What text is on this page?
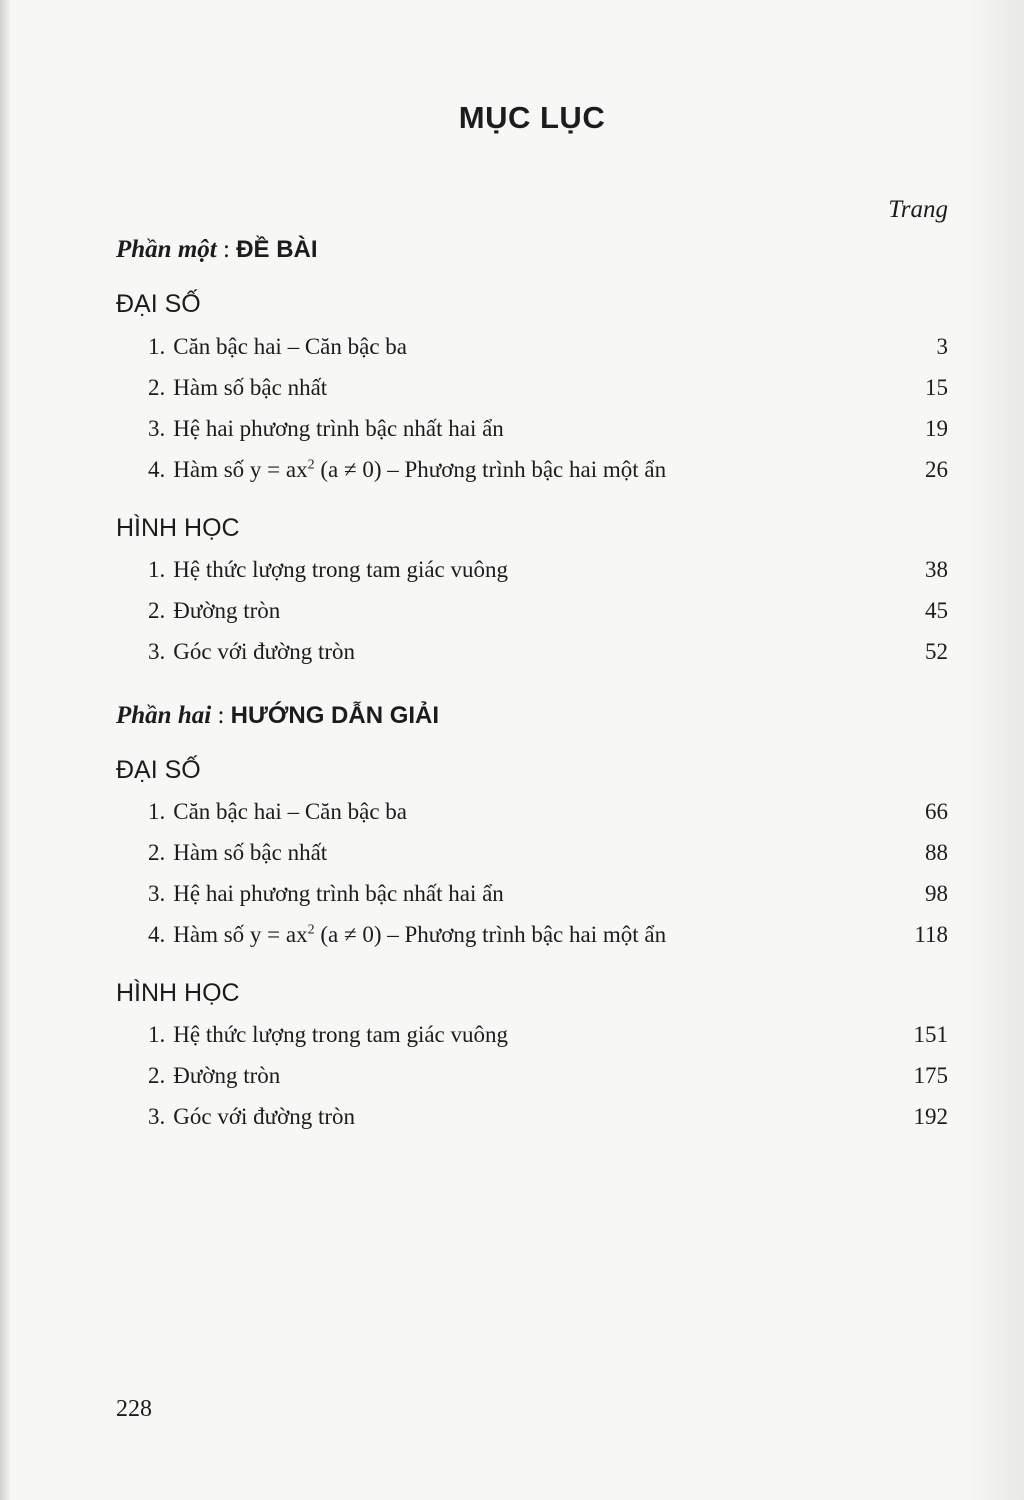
MỤC LỤC
Trang
Phần một : ĐỀ BÀI
ĐẠI SỐ
1. Căn bậc hai – Căn bậc ba	3
2. Hàm số bậc nhất	15
3. Hệ hai phương trình bậc nhất hai ẩn	19
4. Hàm số $y = ax^2$ (a ≠ 0) – Phương trình bậc hai một ẩn	26
HÌNH HỌC
1. Hệ thức lượng trong tam giác vuông	38
2. Đường tròn	45
3. Góc với đường tròn	52
Phần hai : HƯỚNG DẪN GIẢI
ĐẠI SỐ
1. Căn bậc hai – Căn bậc ba	66
2. Hàm số bậc nhất	88
3. Hệ hai phương trình bậc nhất hai ẩn	98
4. Hàm số $y = ax^2$ (a ≠ 0) – Phương trình bậc hai một ẩn	118
HÌNH HỌC
1. Hệ thức lượng trong tam giác vuông	151
2. Đường tròn	175
3. Góc với đường tròn	192
228
